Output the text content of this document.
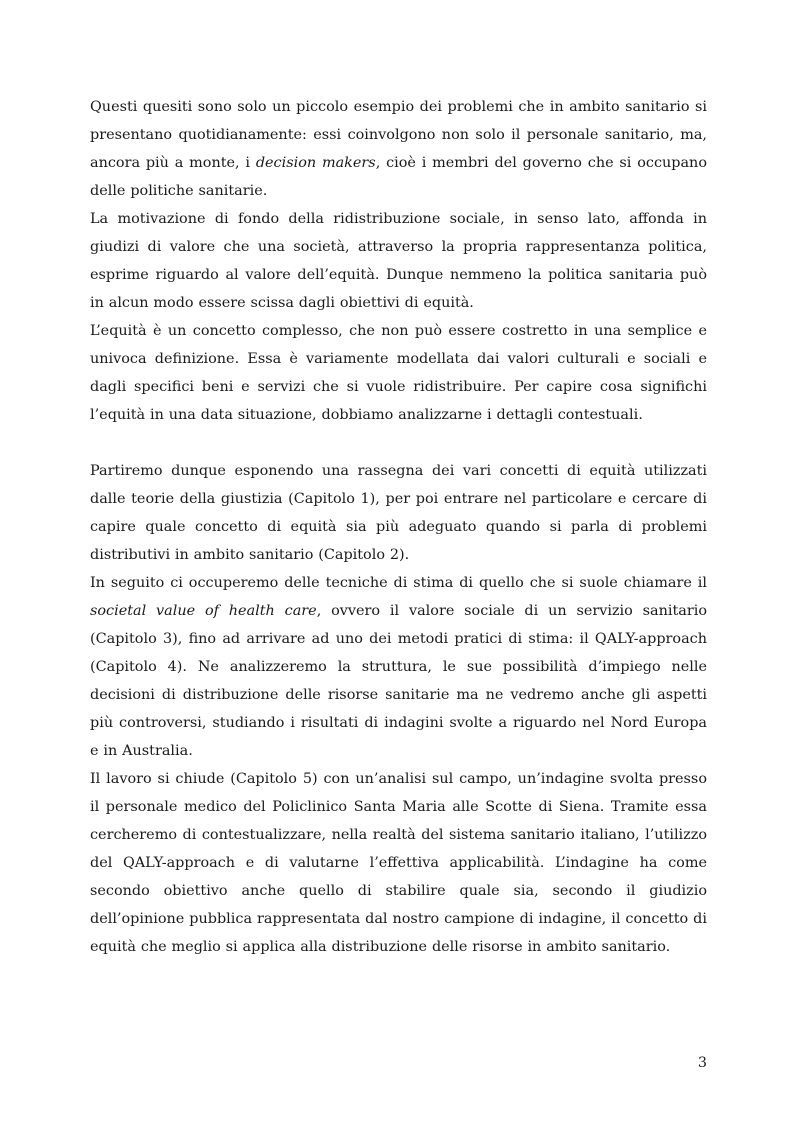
Questi quesiti sono solo un piccolo esempio dei problemi che in ambito sanitario si presentano quotidianamente: essi coinvolgono non solo il personale sanitario, ma, ancora più a monte, i decision makers, cioè i membri del governo che si occupano delle politiche sanitarie.

La motivazione di fondo della ridistribuzione sociale, in senso lato, affonda in giudizi di valore che una società, attraverso la propria rappresentanza politica, esprime riguardo al valore dell’equità. Dunque nemmeno la politica sanitaria può in alcun modo essere scissa dagli obiettivi di equità.

L’equità è un concetto complesso, che non può essere costretto in una semplice e univoca definizione. Essa è variamente modellata dai valori culturali e sociali e dagli specifici beni e servizi che si vuole ridistribuire. Per capire cosa significhi l’equità in una data situazione, dobbiamo analizzarne i dettagli contestuali.

Partiremo dunque esponendo una rassegna dei vari concetti di equità utilizzati dalle teorie della giustizia (Capitolo 1), per poi entrare nel particolare e cercare di capire quale concetto di equità sia più adeguato quando si parla di problemi distributivi in ambito sanitario (Capitolo 2).

In seguito ci occuperemo delle tecniche di stima di quello che si suole chiamare il societal value of health care, ovvero il valore sociale di un servizio sanitario (Capitolo 3), fino ad arrivare ad uno dei metodi pratici di stima: il QALY-approach (Capitolo 4). Ne analizzeremo la struttura, le sue possibilità d’impiego nelle decisioni di distribuzione delle risorse sanitarie ma ne vedremo anche gli aspetti più controversi, studiando i risultati di indagini svolte a riguardo nel Nord Europa e in Australia.

Il lavoro si chiude (Capitolo 5) con un’analisi sul campo, un’indagine svolta presso il personale medico del Policlinico Santa Maria alle Scotte di Siena. Tramite essa cercheremo di contestualizzare, nella realtà del sistema sanitario italiano, l’utilizzo del QALY-approach e di valutarne l’effettiva applicabilità. L’indagine ha come secondo obiettivo anche quello di stabilire quale sia, secondo il giudizio dell’opinione pubblica rappresentata dal nostro campione di indagine, il concetto di equità che meglio si applica alla distribuzione delle risorse in ambito sanitario.

3
